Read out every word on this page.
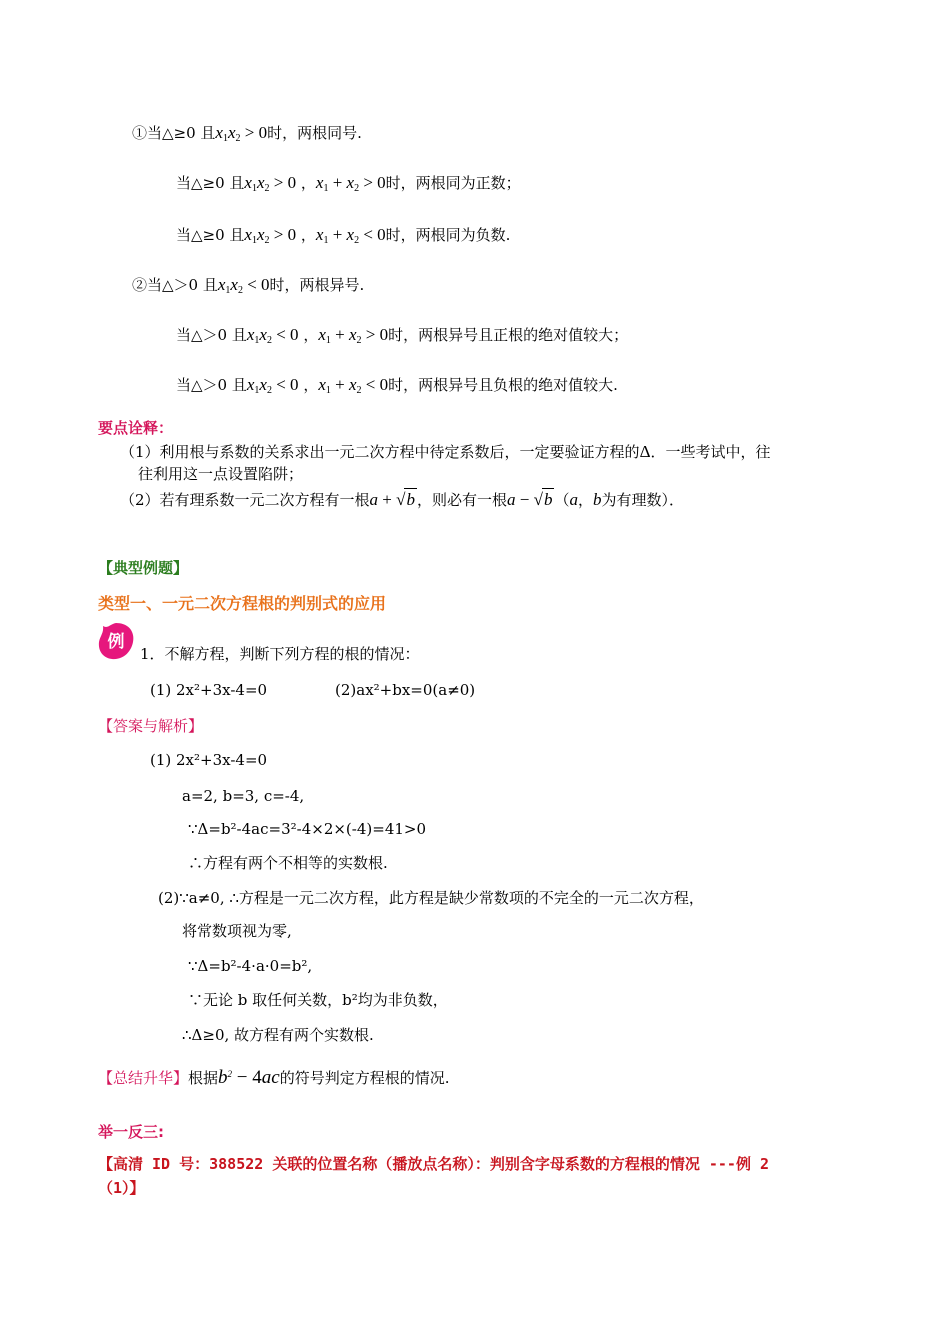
①当△≥0 且$x_1x_2 > 0$时，两根同号.
当△≥0 且$x_1x_2 > 0$ ，$x_1 + x_2 > 0$时，两根同为正数；
当△≥0 且$x_1x_2 > 0$ ，$x_1 + x_2 < 0$时，两根同为负数.
②当△＞0 且$x_1x_2 < 0$时，两根异号.
当△＞0 且$x_1x_2 < 0$ ，$x_1 + x_2 > 0$时，两根异号且正根的绝对值较大；
当△＞0 且$x_1x_2 < 0$ ，$x_1 + x_2 < 0$时，两根异号且负根的绝对值较大.
要点诠释：
（1）利用根与系数的关系求出一元二次方程中待定系数后，一定要验证方程的Δ．一些考试中，往
往利用这一点设置陷阱；
（2）若有理系数一元二次方程有一根a + √b ，则必有一根a − √b （a，b为有理数）．
【典型例题】
类型一、一元二次方程根的判别式的应用
例
1．不解方程，判断下列方程的根的情况：
(1) 2x²+3x-4=0	(2)ax²+bx=0(a≠0)
【答案与解析】
(1) 2x²+3x-4=0
a=2, b=3, c=-4,
∵Δ=b²-4ac=3²-4×2×(-4)=41>0
∴方程有两个不相等的实数根.
(2)∵a≠0, ∴方程是一元二次方程，此方程是缺少常数项的不完全的一元二次方程，
将常数项视为零,
∵Δ=b²-4·a·0=b²,
∵无论 b 取任何关数，b²均为非负数，
∴Δ≥0, 故方程有两个实数根.
【总结升华】根据$b^2 - 4ac$的符号判定方程根的情况.
举一反三:
【高清 ID 号：388522 关联的位置名称（播放点名称）：判别含字母系数的方程根的情况 ---例 2
（1）】
